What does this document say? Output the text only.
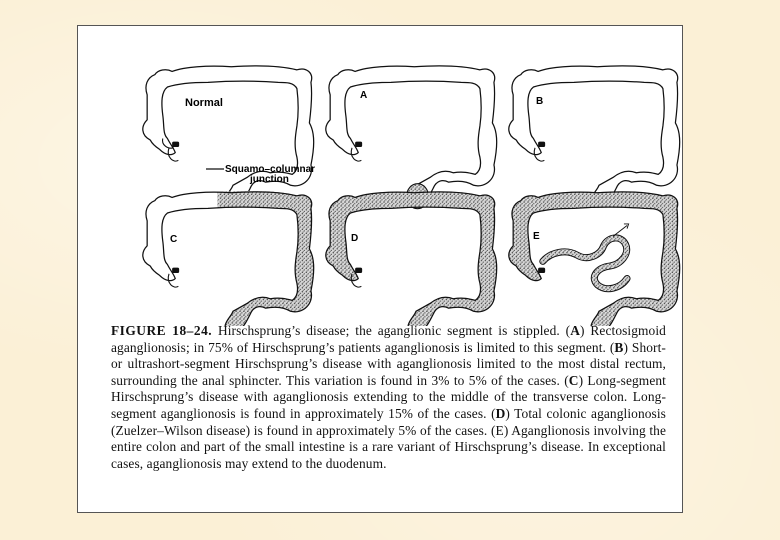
Normal
A
B
C	D	E
Squamo–columnar
junction
FIGURE 18–24. Hirschsprung’s disease; the aganglionic segment is stippled. (A) Rectosigmoid aganglionosis; in 75% of Hirschsprung’s patients aganglionosis is limited to this segment. (B) Short- or ultrashort-segment Hirschsprung’s disease with aganglionosis limited to the most distal rectum, surrounding the anal sphincter. This variation is found in 3% to 5% of the cases. (C) Long-segment Hirschsprung’s disease with aganglionosis extending to the middle of the transverse colon. Long-segment aganglionosis is found in approximately 15% of the cases. (D) Total colonic aganglionosis (Zuelzer–Wilson disease) is found in approximately 5% of the cases. (E) Aganglionosis involving the entire colon and part of the small intestine is a rare variant of Hirschsprung’s disease. In exceptional cases, aganglionosis may extend to the duodenum.
